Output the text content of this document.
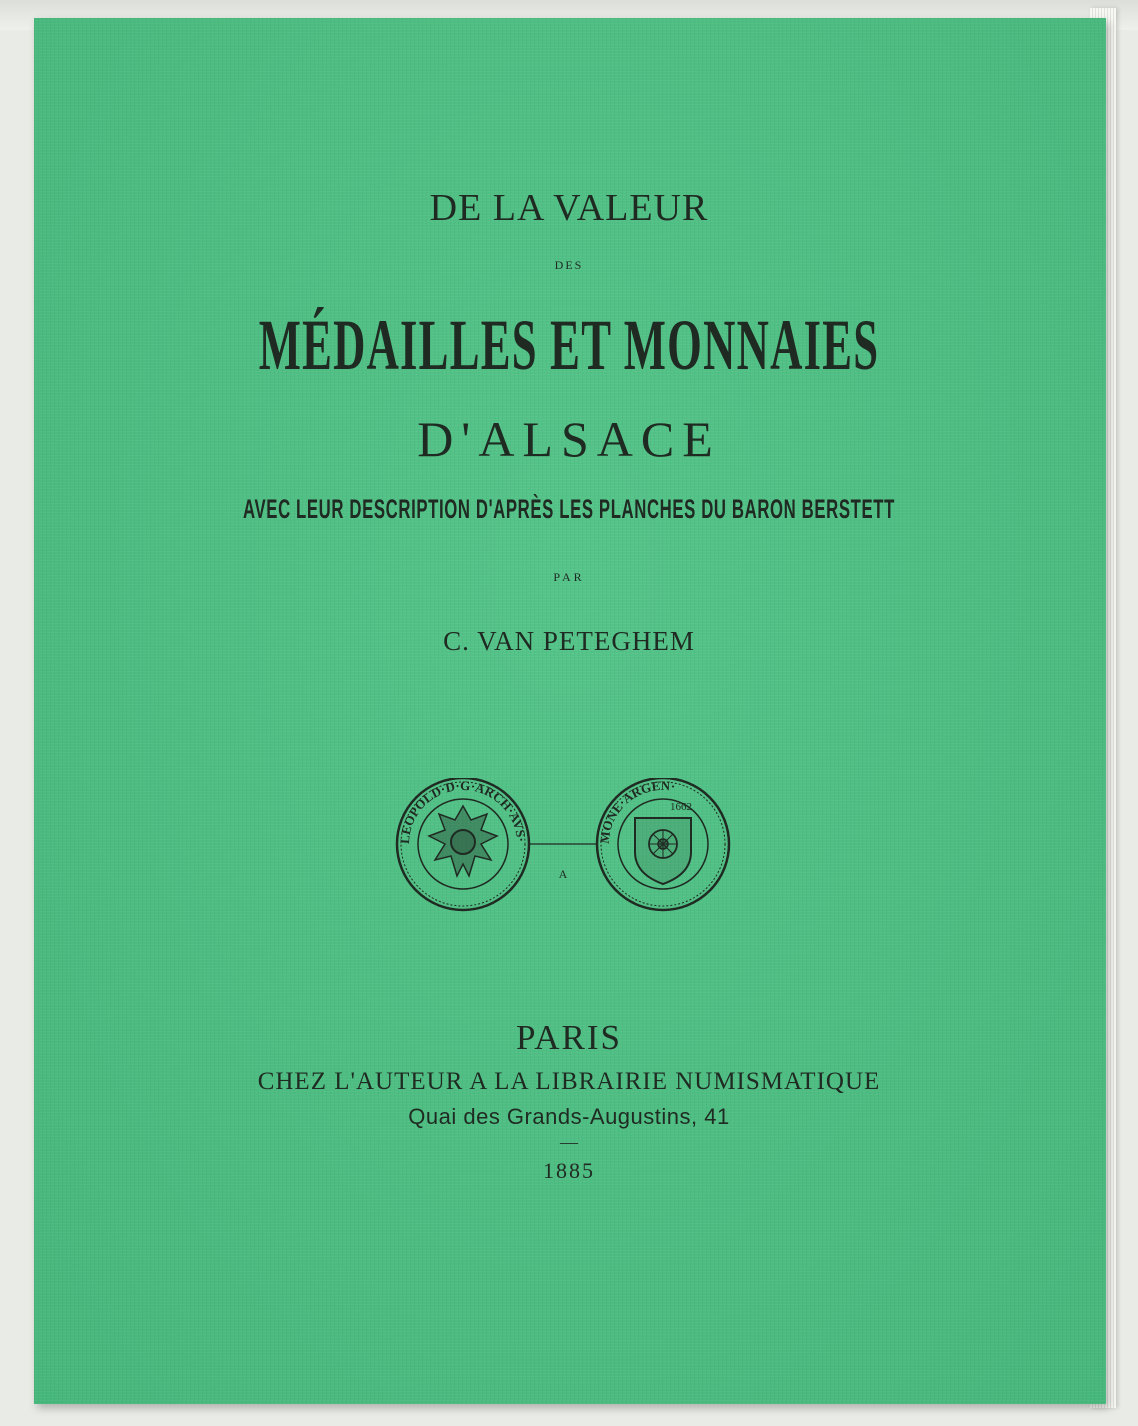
DE LA VALEUR
DES
MÉDAILLES ET MONNAIES
D'ALSACE
AVEC LEUR DESCRIPTION D'APRÈS LES PLANCHES DU BARON BERSTETT
PAR
C. VAN PETEGHEM
LEOPOLD·D·G·ARCH·AVS·
A
1662
MONE·ARGEN·
PARIS
CHEZ L'AUTEUR A LA LIBRAIRIE NUMISMATIQUE
Quai des Grands-Augustins, 41
—
1885
